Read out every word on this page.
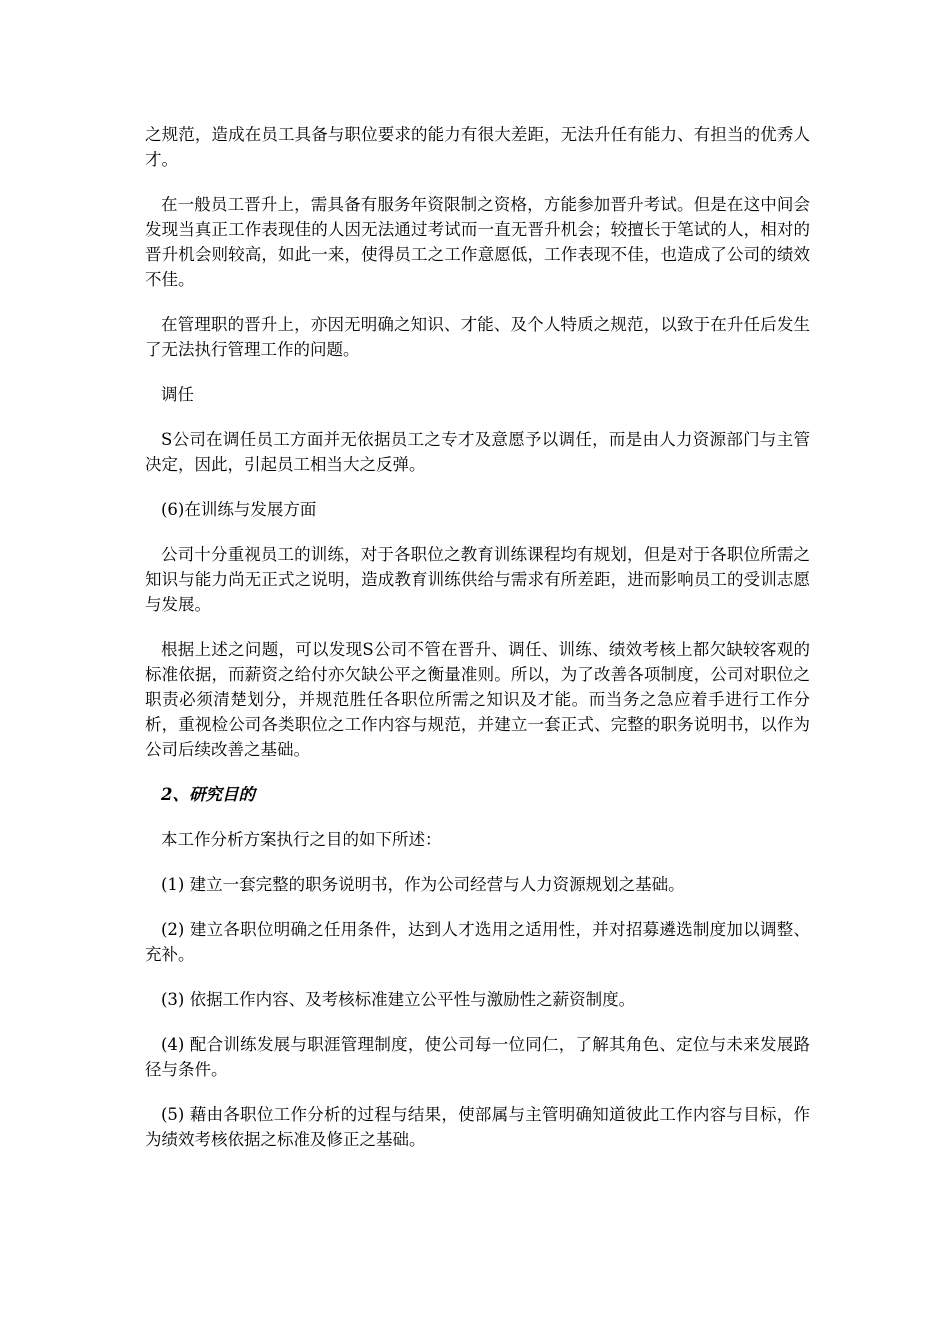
之规范，造成在员工具备与职位要求的能力有很大差距，无法升任有能力、有担当的优秀人才。

在一般员工晋升上，需具备有服务年资限制之资格，方能参加晋升考试。但是在这中间会发现当真正工作表现佳的人因无法通过考试而一直无晋升机会；较擅长于笔试的人，相对的晋升机会则较高，如此一来，使得员工之工作意愿低，工作表现不佳，也造成了公司的绩效不佳。

在管理职的晋升上，亦因无明确之知识、才能、及个人特质之规范，以致于在升任后发生了无法执行管理工作的问题。

调任

S公司在调任员工方面并无依据员工之专才及意愿予以调任，而是由人力资源部门与主管决定，因此，引起员工相当大之反弹。

(6)在训练与发展方面

公司十分重视员工的训练，对于各职位之教育训练课程均有规划，但是对于各职位所需之知识与能力尚无正式之说明，造成教育训练供给与需求有所差距，进而影响员工的受训志愿与发展。

根据上述之问题，可以发现S公司不管在晋升、调任、训练、绩效考核上都欠缺较客观的标准依据，而薪资之给付亦欠缺公平之衡量准则。所以，为了改善各项制度，公司对职位之职责必须清楚划分，并规范胜任各职位所需之知识及才能。而当务之急应着手进行工作分析，重视检公司各类职位之工作内容与规范，并建立一套正式、完整的职务说明书，以作为公司后续改善之基础。

2、研究目的

本工作分析方案执行之目的如下所述：

(1) 建立一套完整的职务说明书，作为公司经营与人力资源规划之基础。

(2) 建立各职位明确之任用条件，达到人才选用之适用性，并对招募遴选制度加以调整、充补。

(3) 依据工作内容、及考核标准建立公平性与激励性之薪资制度。

(4) 配合训练发展与职涯管理制度，使公司每一位同仁，了解其角色、定位与未来发展路径与条件。

(5) 藉由各职位工作分析的过程与结果，使部属与主管明确知道彼此工作内容与目标，作为绩效考核依据之标准及修正之基础。
